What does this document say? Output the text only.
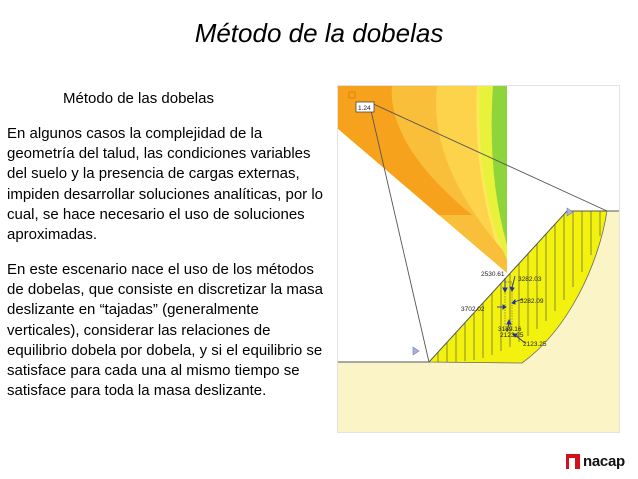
Método de la dobelas
Método de las dobelas

En algunos casos la complejidad de la geometría del talud, las condiciones variables del suelo y la presencia de cargas externas, impiden desarrollar soluciones analíticas, por lo cual, se hace necesario el uso de soluciones aproximadas.

En este escenario nace el uso de los métodos de dobelas, que consiste en discretizar la masa deslizante en “tajadas” (generalmente verticales), considerar las relaciones de equilibrio dobela por dobela, y si el equilibrio se satisface para cada una al mismo tiempo se satisface para toda la masa deslizante.

1.24
2530.61
3282.03
3702.02
3282.09
3189.16
2123.25
2123.25
nacap
